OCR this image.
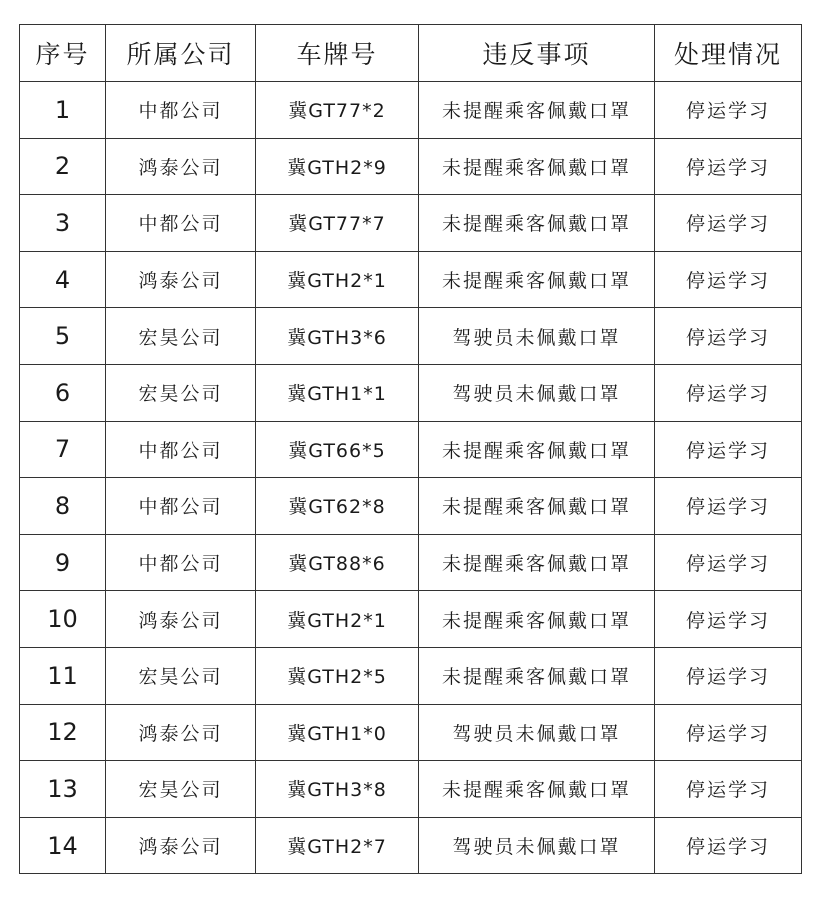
序号	所属公司	车牌号	违反事项	处理情况
1	中都公司	冀GT77*2	未提醒乘客佩戴口罩	停运学习
2	鸿泰公司	冀GTH2*9	未提醒乘客佩戴口罩	停运学习
3	中都公司	冀GT77*7	未提醒乘客佩戴口罩	停运学习
4	鸿泰公司	冀GTH2*1	未提醒乘客佩戴口罩	停运学习
5	宏昊公司	冀GTH3*6	驾驶员未佩戴口罩	停运学习
6	宏昊公司	冀GTH1*1	驾驶员未佩戴口罩	停运学习
7	中都公司	冀GT66*5	未提醒乘客佩戴口罩	停运学习
8	中都公司	冀GT62*8	未提醒乘客佩戴口罩	停运学习
9	中都公司	冀GT88*6	未提醒乘客佩戴口罩	停运学习
10	鸿泰公司	冀GTH2*1	未提醒乘客佩戴口罩	停运学习
11	宏昊公司	冀GTH2*5	未提醒乘客佩戴口罩	停运学习
12	鸿泰公司	冀GTH1*0	驾驶员未佩戴口罩	停运学习
13	宏昊公司	冀GTH3*8	未提醒乘客佩戴口罩	停运学习
14	鸿泰公司	冀GTH2*7	驾驶员未佩戴口罩	停运学习
